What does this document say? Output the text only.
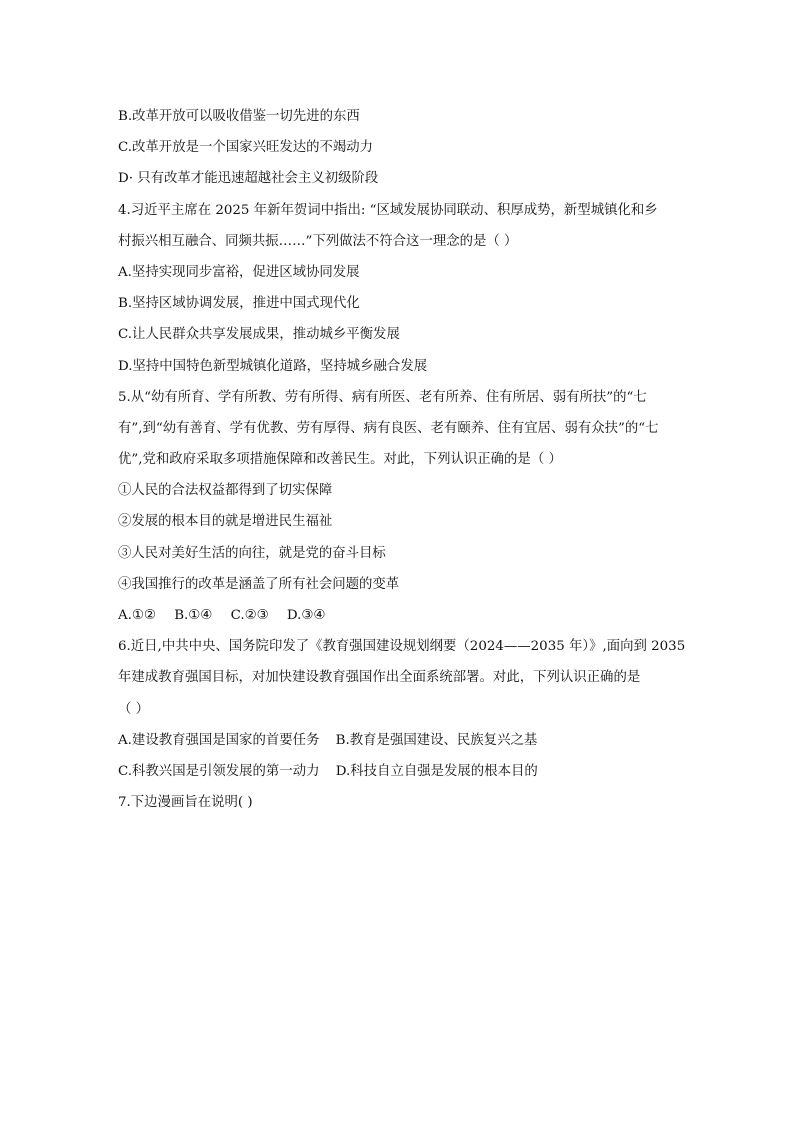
B.改革开放可以吸收借鉴一切先进的东西
C.改革开放是一个国家兴旺发达的不竭动力
D· 只有改革才能迅速超越社会主义初级阶段
4.习近平主席在 2025 年新年贺词中指出: “区域发展协同联动、积厚成势，新型城镇化和乡
村振兴相互融合、同频共振……”下列做法不符合这一理念的是（ ）
A.坚持实现同步富裕，促进区域协同发展
B.坚持区域协调发展，推进中国式现代化
C.让人民群众共享发展成果，推动城乡平衡发展
D.坚持中国特色新型城镇化道路，坚持城乡融合发展
5.从“幼有所育、学有所教、劳有所得、病有所医、老有所养、住有所居、弱有所扶”的“七
有”,到“幼有善育、学有优教、劳有厚得、病有良医、老有颐养、住有宜居、弱有众扶”的“七
优”,党和政府采取多项措施保障和改善民生。对此，下列认识正确的是（ ）
①人民的合法权益都得到了切实保障
②发展的根本目的就是增进民生福祉
③人民对美好生活的向往，就是党的奋斗目标
④我国推行的改革是涵盖了所有社会问题的变革
A.①② B.①④ C.②③ D.③④
6.近日,中共中央、国务院印发了《教育强国建设规划纲要（2024——2035 年）》,面向到 2035
年建成教育强国目标，对加快建设教育强国作出全面系统部署。对此，下列认识正确的是
（ ）
A.建设教育强国是国家的首要任务 B.教育是强国建设、民族复兴之基
C.科教兴国是引领发展的第一动力 D.科技自立自强是发展的根本目的
7.下边漫画旨在说明( )
